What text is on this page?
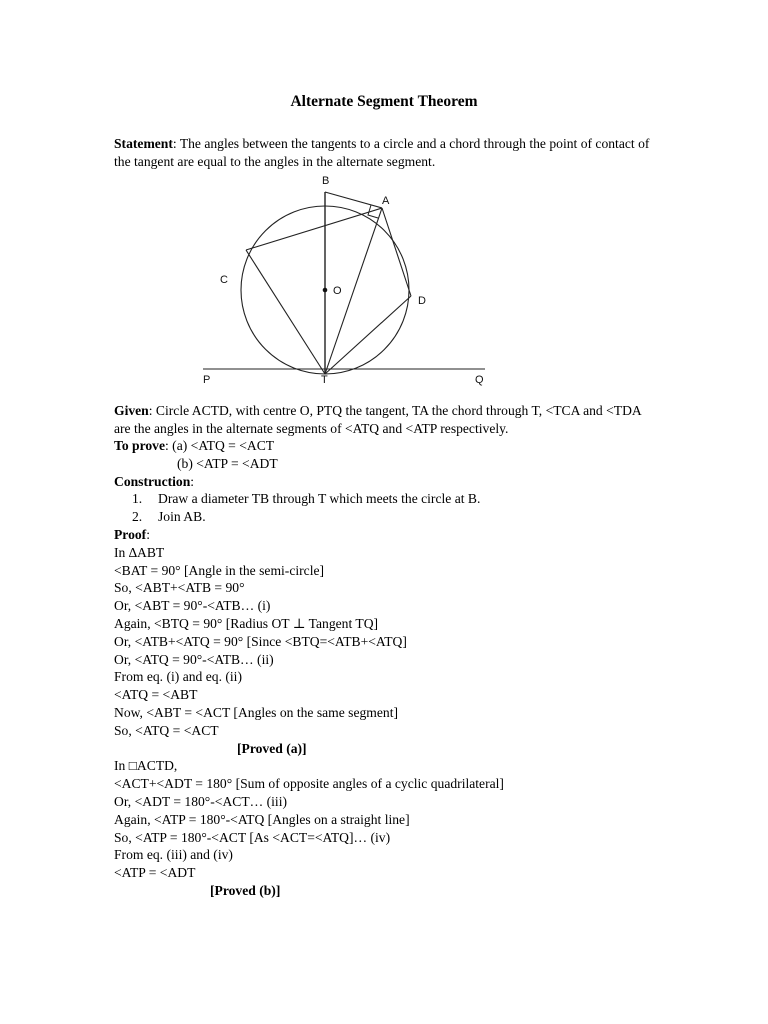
Alternate Segment Theorem
Statement: The angles between the tangents to a circle and a chord through the point of contact of the tangent are equal to the angles in the alternate segment.
B
A
C
O
D
P	T	Q
Given: Circle ACTD, with centre O, PTQ the tangent, TA the chord through T, <TCA and <TDA are the angles in the alternate segments of <ATQ and <ATP respectively.
To prove: (a) <ATQ = <ACT
(b) <ATP = <ADT
Construction:
1. Draw a diameter TB through T which meets the circle at B.
2. Join AB.
Proof:
In ∆ABT
<BAT = 90° [Angle in the semi-circle]
So, <ABT+<ATB = 90°
Or, <ABT = 90°-<ATB… (i)
Again, <BTQ = 90° [Radius OT ⊥ Tangent TQ]
Or, <ATB+<ATQ = 90° [Since <BTQ=<ATB+<ATQ]
Or, <ATQ = 90°-<ATB… (ii)
From eq. (i) and eq. (ii)
<ATQ = <ABT
Now, <ABT = <ACT [Angles on the same segment]
So, <ATQ = <ACT
[Proved (a)]
In □ACTD,
<ACT+<ADT = 180° [Sum of opposite angles of a cyclic quadrilateral]
Or, <ADT = 180°-<ACT… (iii)
Again, <ATP = 180°-<ATQ [Angles on a straight line]
So, <ATP = 180°-<ACT [As <ACT=<ATQ]… (iv)
From eq. (iii) and (iv)
<ATP = <ADT
[Proved (b)]
